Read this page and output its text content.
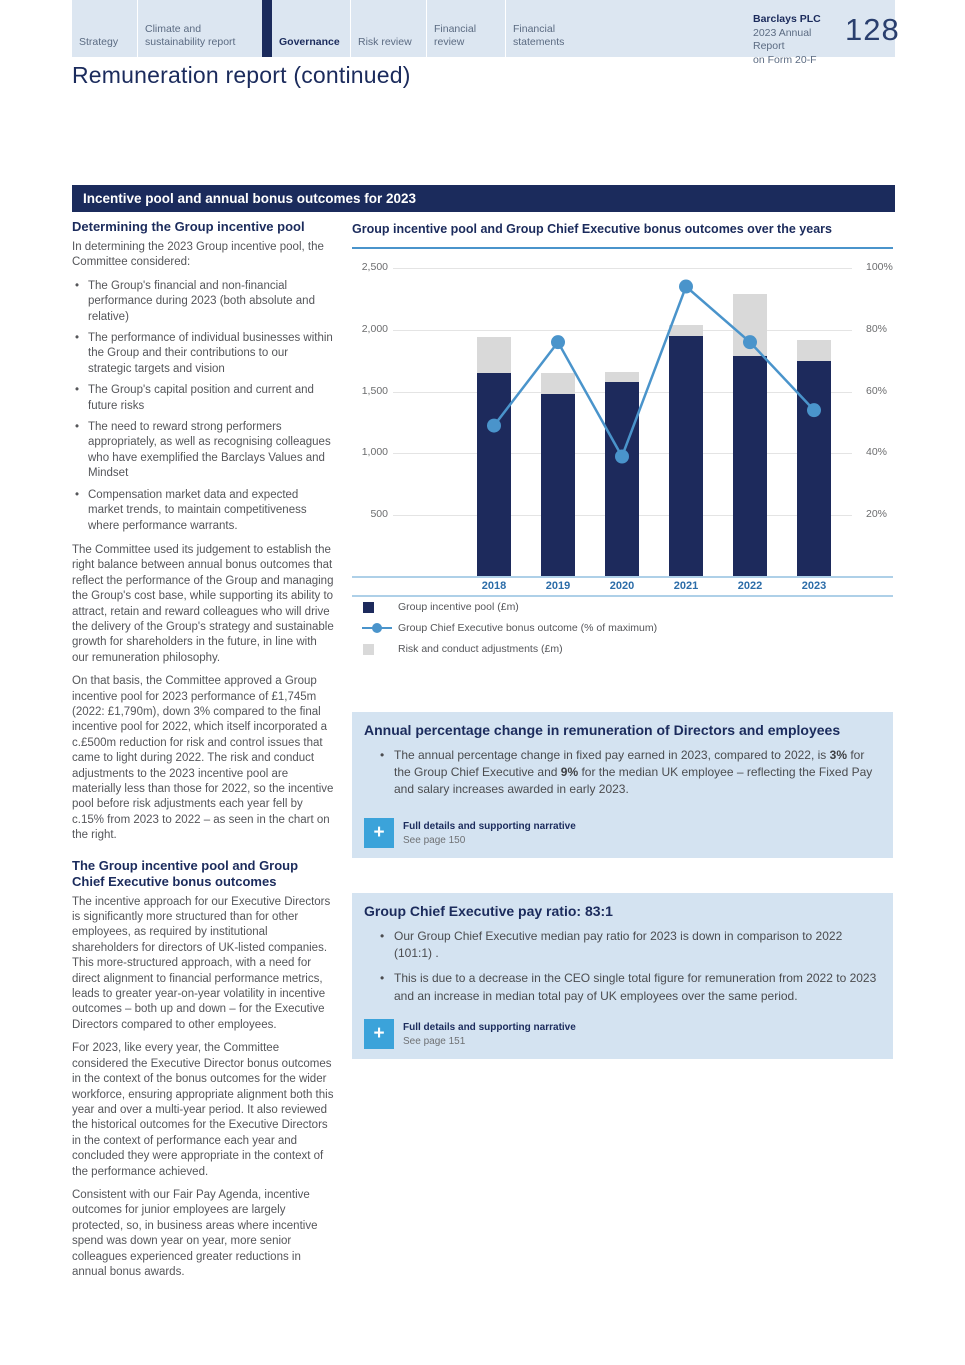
Strategy
Climate and sustainability report	Governance	Risk review
Financial review
Financial statements
Barclays PLC
2023 Annual Report
on Form 20-F
128
Remuneration report (continued)
Incentive pool and annual bonus outcomes for 2023
Determining the Group incentive pool

In determining the 2023 Group incentive pool, the Committee considered:

• The Group's financial and non-financial performance during 2023 (both absolute and relative)
• The performance of individual businesses within the Group and their contributions to our strategic targets and vision
• The Group's capital position and current and future risks
• The need to reward strong performers appropriately, as well as recognising colleagues who have exemplified the Barclays Values and Mindset
• Compensation market data and expected market trends, to maintain competitiveness where performance warrants.

The Committee used its judgement to establish the right balance between annual bonus outcomes that reflect the performance of the Group and managing the Group's cost base, while supporting its ability to attract, retain and reward colleagues who will drive the delivery of the Group's strategy and sustainable growth for shareholders in the future, in line with our remuneration philosophy.

On that basis, the Committee approved a Group incentive pool for 2023 performance of £1,745m (2022: £1,790m), down 3% compared to the final incentive pool for 2022, which itself incorporated a c.£500m reduction for risk and control issues that came to light during 2022. The risk and conduct adjustments to the 2023 incentive pool are materially less than those for 2022, so the incentive pool before risk adjustments each year fell by c.15% from 2023 to 2022 – as seen in the chart on the right.

The Group incentive pool and Group Chief Executive bonus outcomes

The incentive approach for our Executive Directors is significantly more structured than for other employees, as required by institutional shareholders for directors of UK-listed companies. This more-structured approach, with a need for direct alignment to financial performance metrics, leads to greater year-on-year volatility in incentive outcomes – both up and down – for the Executive Directors compared to other employees.

For 2023, like every year, the Committee considered the Executive Director bonus outcomes in the context of the bonus outcomes for the wider workforce, ensuring appropriate alignment both this year and over a multi-year period. It also reviewed the historical outcomes for the Executive Directors in the context of performance each year and concluded they were appropriate in the context of the performance achieved.

Consistent with our Fair Pay Agenda, incentive outcomes for junior employees are largely protected, so, in business areas where incentive spend was down year on year, more senior colleagues experienced greater reductions in annual bonus awards.

Group incentive pool and Group Chief Executive bonus outcomes over the years
2,500	100%
2,000	80%
1,500	60%
1,000	40%
500	20%
2018	2019	2020	2021	2022	2023
Group incentive pool (£m)
Group Chief Executive bonus outcome (% of maximum)
Risk and conduct adjustments (£m)
Annual percentage change in remuneration of Directors and employees
• The annual percentage change in fixed pay earned in 2023, compared to 2022, is 3% for the Group Chief Executive and 9% for the median UK employee – reflecting the Fixed Pay and salary increases awarded in early 2023.
+	Full details and supporting narrative
See page 150
Group Chief Executive pay ratio: 83:1
• Our Group Chief Executive median pay ratio for 2023 is down in comparison to 2022 (101:1) .
• This is due to a decrease in the CEO single total figure for remuneration from 2022 to 2023 and an increase in median total pay of UK employees over the same period.
+	Full details and supporting narrative
See page 151
